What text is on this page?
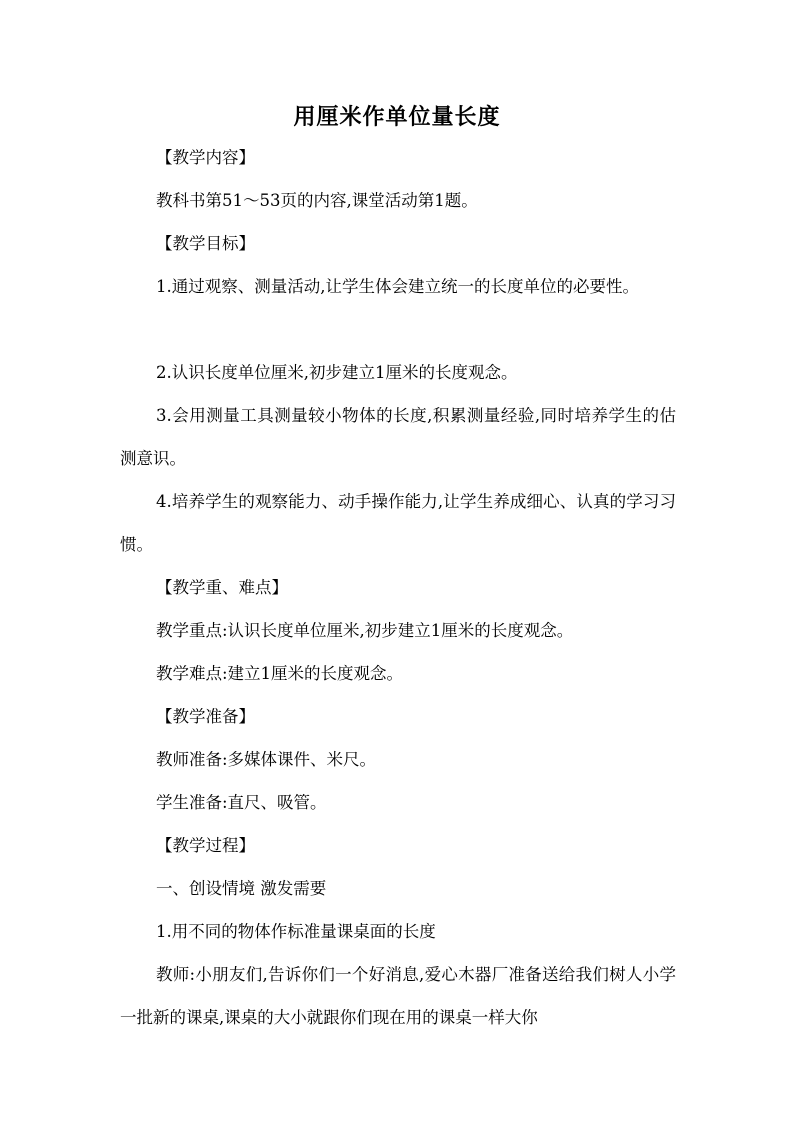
用厘米作单位量长度

【教学内容】

教科书第51～53页的内容,课堂活动第1题。

【教学目标】

1.通过观察、测量活动,让学生体会建立统一的长度单位的必要性。

2.认识长度单位厘米,初步建立1厘米的长度观念。

3.会用测量工具测量较小物体的长度,积累测量经验,同时培养学生的估测意识。

4.培养学生的观察能力、动手操作能力,让学生养成细心、认真的学习习惯。

【教学重、难点】

教学重点:认识长度单位厘米,初步建立1厘米的长度观念。

教学难点:建立1厘米的长度观念。

【教学准备】

教师准备:多媒体课件、米尺。

学生准备:直尺、吸管。

【教学过程】

一、创设情境 激发需要

1.用不同的物体作标准量课桌面的长度

教师:小朋友们,告诉你们一个好消息,爱心木器厂准备送给我们树人小学一批新的课桌,课桌的大小就跟你们现在用的课桌一样大你
